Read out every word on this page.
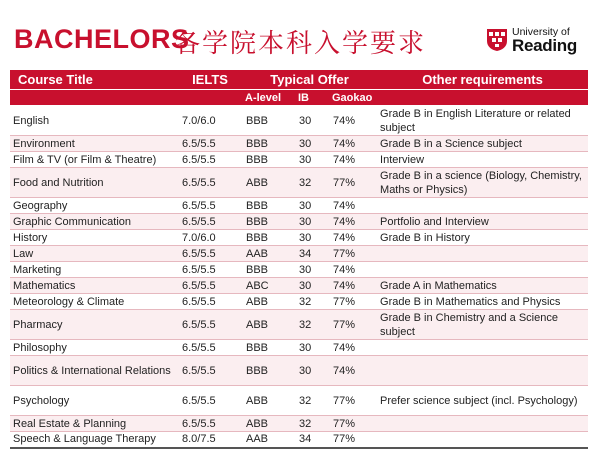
BACHELORS
各学院本科入学要求	University of
Reading
Course Title	IELTS	Typical Offer			Other requirements
		A-level	IB	Gaokao	
English	7.0/6.0	BBB	30	74%	Grade B in English Literature or related subject
Environment	6.5/5.5	BBB	30	74%	Grade B in a Science subject
Film & TV (or Film & Theatre)	6.5/5.5	BBB	30	74%	Interview
Food and Nutrition	6.5/5.5	ABB	32	77%	Grade B in a science (Biology, Chemistry, Maths or Physics)
Geography	6.5/5.5	BBB	30	74%	
Graphic Communication	6.5/5.5	BBB	30	74%	Portfolio and Interview
History	7.0/6.0	BBB	30	74%	Grade B in History
Law	6.5/5.5	AAB	34	77%	
Marketing	6.5/5.5	BBB	30	74%	
Mathematics	6.5/5.5	ABC	30	74%	Grade A in Mathematics
Meteorology & Climate	6.5/5.5	ABB	32	77%	Grade B in Mathematics and Physics
Pharmacy	6.5/5.5	ABB	32	77%	Grade B in Chemistry and a Science subject
Philosophy	6.5/5.5	BBB	30	74%	
Politics & International Relations	6.5/5.5	BBB	30	74%	
Psychology	6.5/5.5	ABB	32	77%	Prefer science subject (incl. Psychology)
Real Estate & Planning	6.5/5.5	ABB	32	77%	
Speech & Language Therapy	8.0/7.5	AAB	34	77%	
